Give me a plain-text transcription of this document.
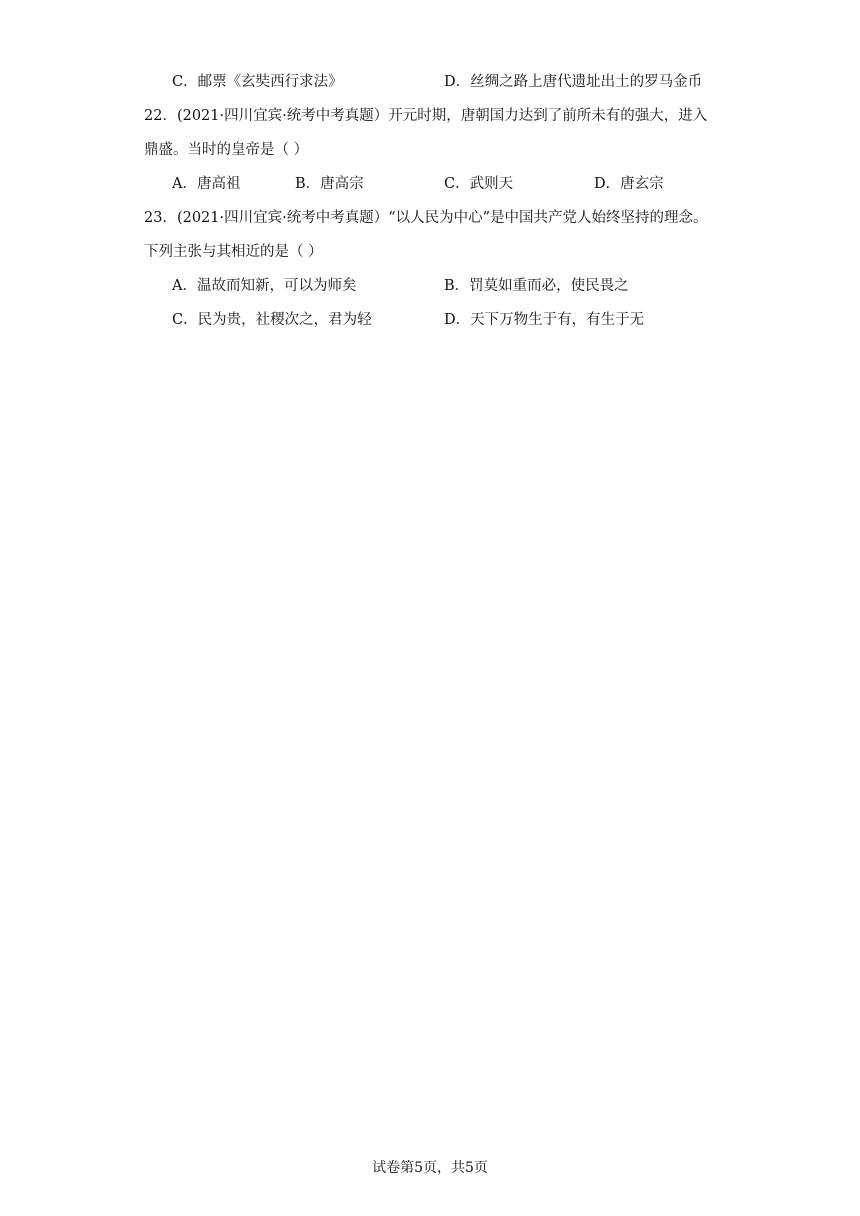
C．邮票《玄奘西行求法》	D．丝绸之路上唐代遗址出土的罗马金币
22．(2021·四川宜宾·统考中考真题）开元时期，唐朝国力达到了前所未有的强大，进入
鼎盛。当时的皇帝是（ ）
A．唐高祖	B．唐高宗	C．武则天	D．唐玄宗
23．(2021·四川宜宾·统考中考真题）“以人民为中心”是中国共产党人始终坚持的理念。
下列主张与其相近的是（ ）
A．温故而知新，可以为师矣	B．罚莫如重而必，使民畏之
C．民为贵，社稷次之，君为轻	D．天下万物生于有，有生于无
试卷第5页，共5页
